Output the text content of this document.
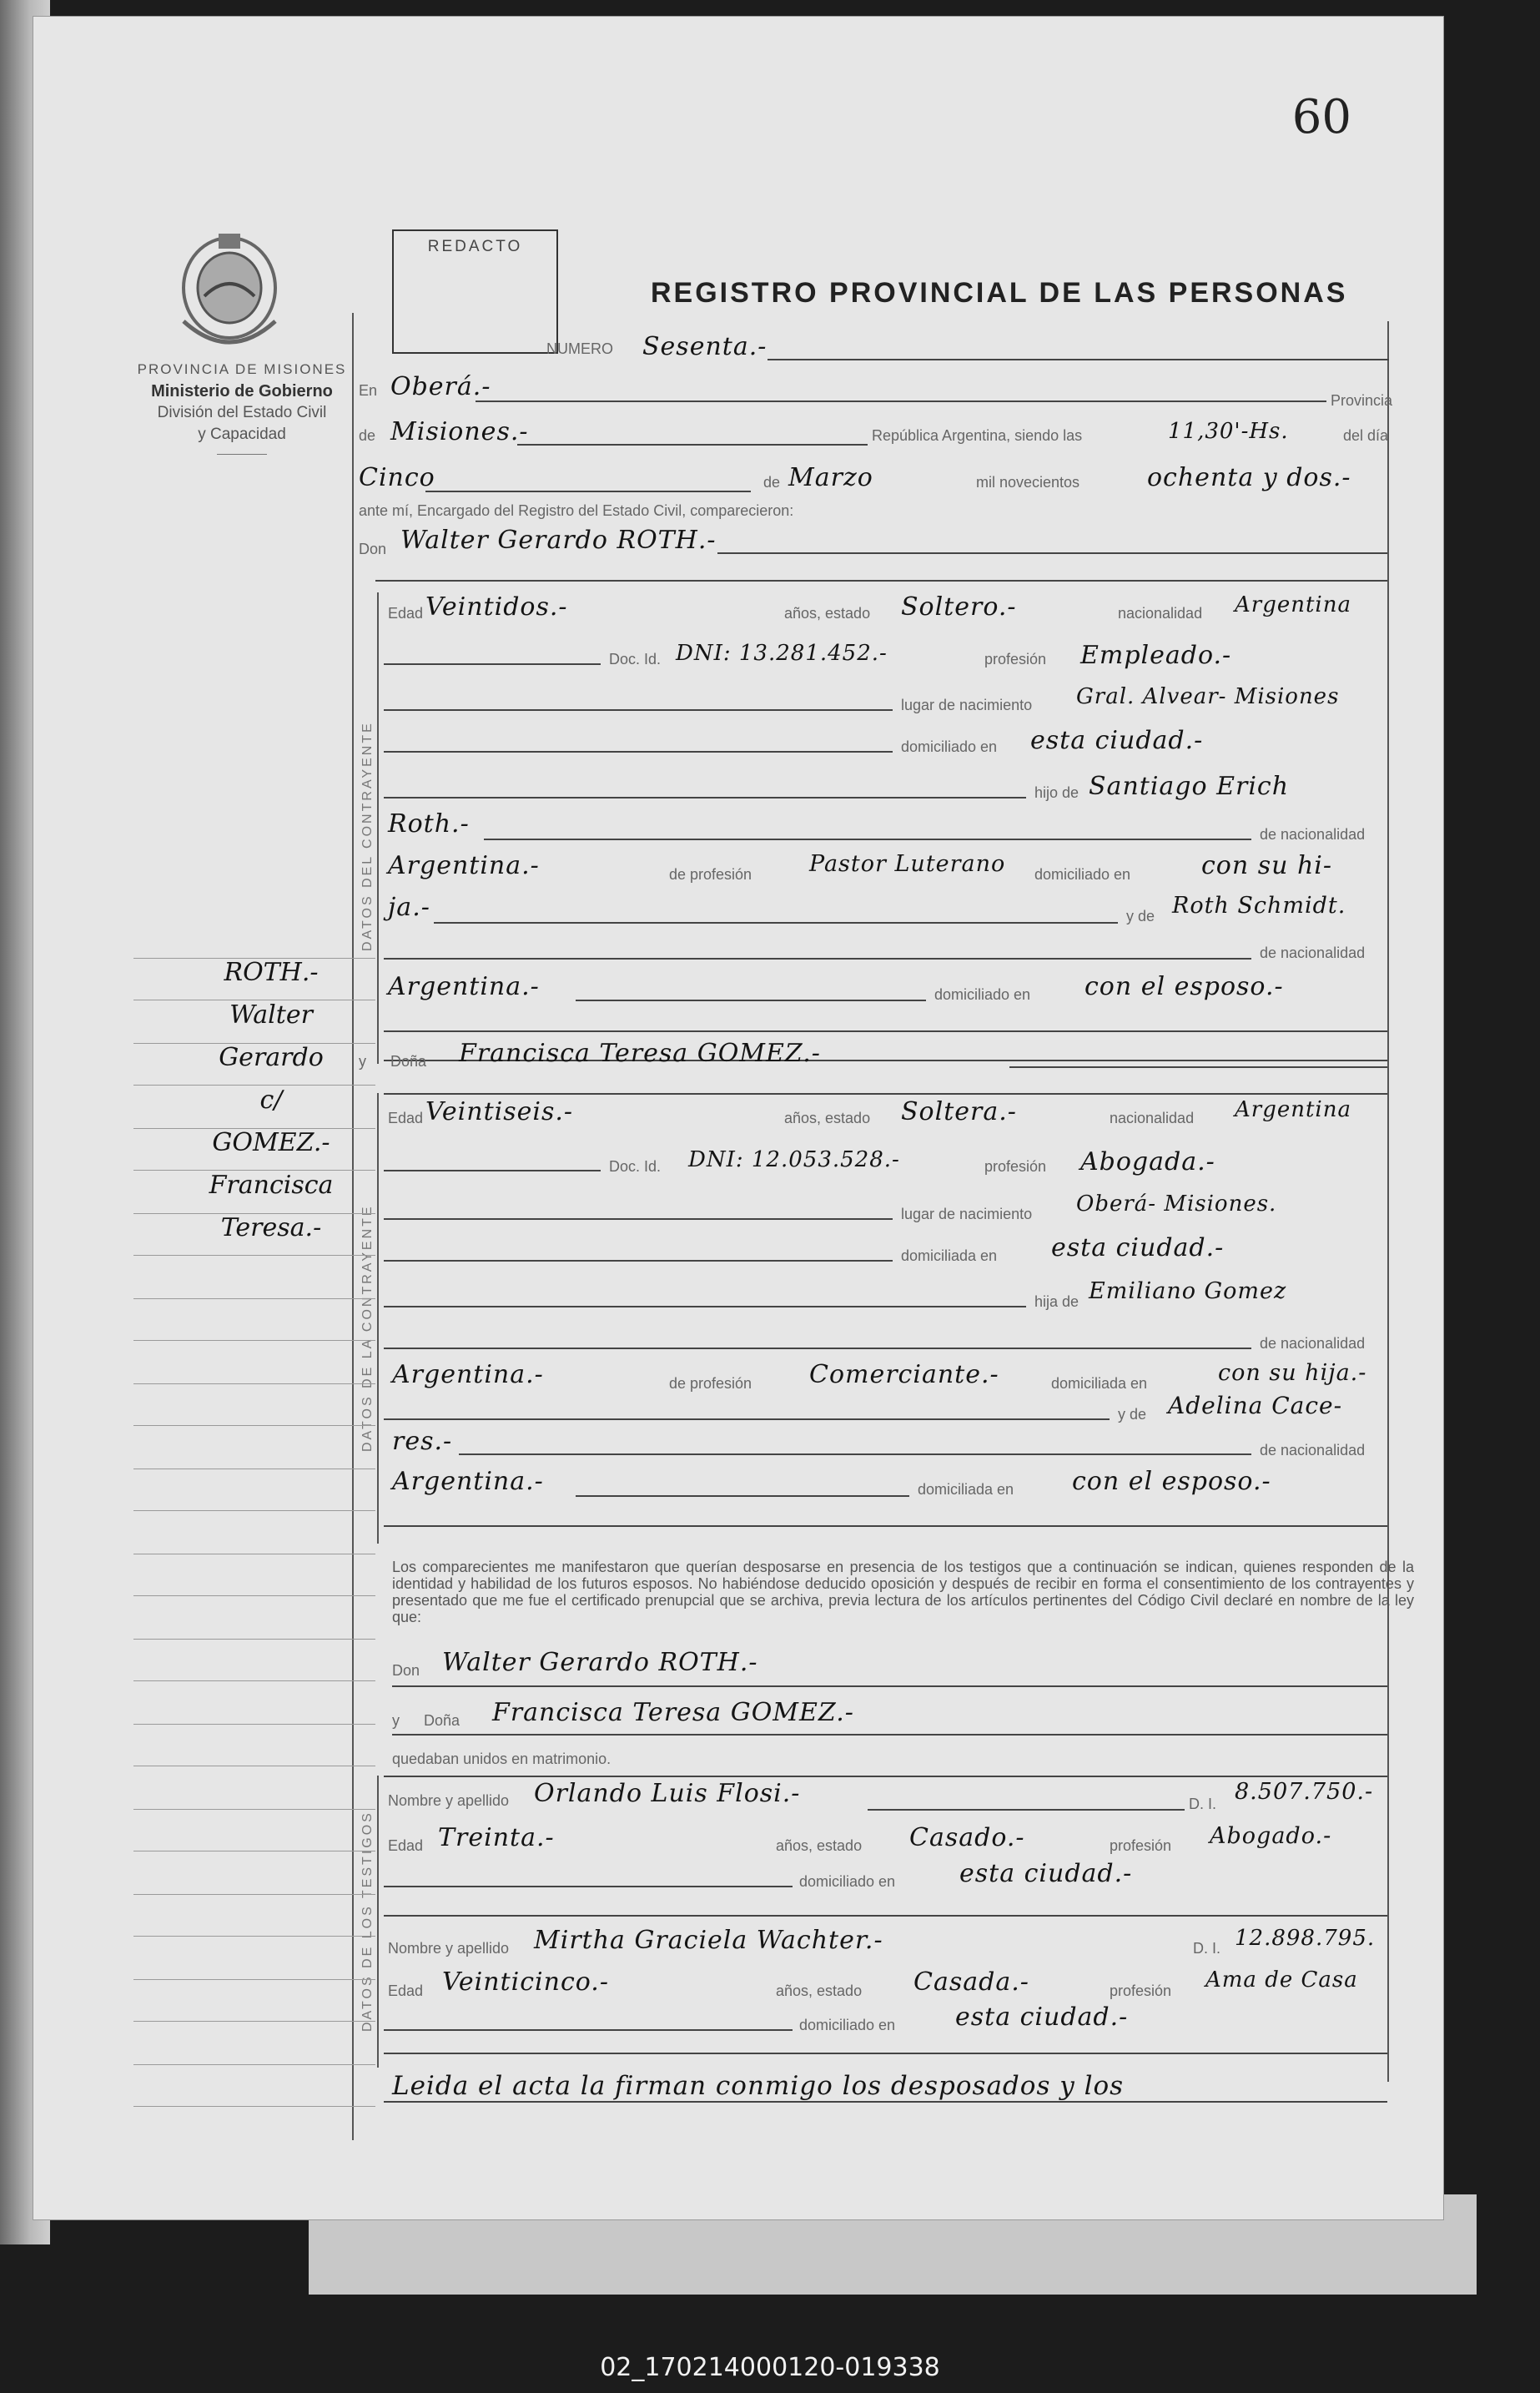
60
PROVINCIA DE MISIONES
Ministerio de Gobierno
División del Estado Civil
y Capacidad
REDACTO
REGISTRO PROVINCIAL DE LAS PERSONAS
NUMERO Sesenta.-
En Oberá.-	Provincia
de Misiones.-	República Argentina, siendo las	11,30'-Hs.	del día
Cinco	de Marzo	mil novecientos	ochenta y dos.-
ante mí, Encargado del Registro del Estado Civil, comparecieron:
Don Walter Gerardo ROTH.-
DATOS DEL CONTRAYENTE
Edad Veintidos.-	años, estado Soltero.-	nacionalidad Argentina
Doc. Id. DNI: 13.281.452.-	profesión Empleado.-
lugar de nacimiento Gral. Alvear- Misiones
domiciliado en esta ciudad.-
hijo de Santiago Erich
Roth.-	de nacionalidad
Argentina.-	de profesión	Pastor Luterano domiciliado en	con su hi-
ja.-	y de Roth Schmidt.
de nacionalidad
Argentina.-	domiciliado en con el esposo.-
y Doña Francisca Teresa GOMEZ.-
DATOS DE LA CONTRAYENTE
Edad Veintiseis.-	años, estado Soltera.-	nacionalidad Argentina
Doc. Id. DNI: 12.053.528.-	profesión Abogada.-
lugar de nacimiento Oberá- Misiones.
domiciliada en esta ciudad.-
hija de Emiliano Gomez
de nacionalidad
Argentina.-	de profesión Comerciante.-	domiciliada en	con su hija.-
y de Adelina Cace-
res.-	de nacionalidad
Argentina.-	domiciliada en con el esposo.-
Los comparecientes me manifestaron que querían desposarse en presencia de los testigos que a continuación se indican, quienes responden de la identidad y habilidad de los futuros esposos. No habiéndose deducido oposición y después de recibir en forma el consentimiento de los contrayentes y presentado que me fue el certificado prenupcial que se archiva, previa lectura de los artículos pertinentes del Código Civil declaré en nombre de la ley que:
Don Walter Gerardo ROTH.-
y Doña Francisca Teresa GOMEZ.-
quedaban unidos en matrimonio.
DATOS DE LOS TESTIGOS
Nombre y apellido Orlando Luis Flosi.-	D. I. 8.507.750.-
Edad Treinta.-	años, estado Casado.-	profesión Abogado.-
domiciliado en	esta ciudad.-
Nombre y apellido Mirtha Graciela Wachter.-	D. I. 12.898.795.
Edad Veinticinco.-	años, estado Casada.-	profesión Ama de Casa
domiciliado en esta ciudad.-
Leida el acta la firman conmigo los desposados y los
ROTH.-
Walter
Gerardo
c/
GOMEZ.-
Francisca
Teresa.-
02_170214000120-019338
